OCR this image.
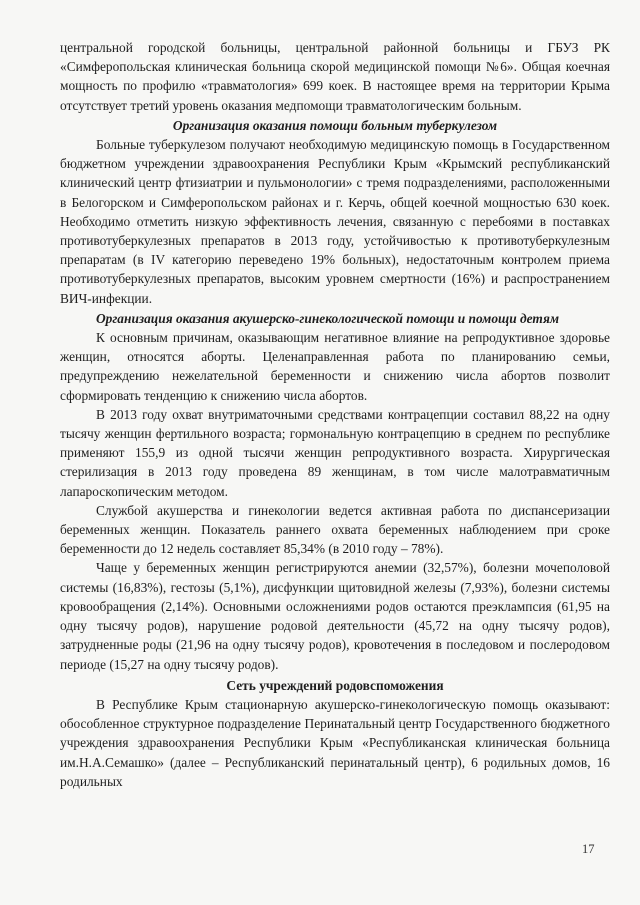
центральной городской больницы, центральной районной больницы и ГБУЗ РК «Симферопольская клиническая больница скорой медицинской помощи №6». Общая коечная мощность по профилю «травматология» 699 коек. В настоящее время на территории Крыма отсутствует третий уровень оказания медпомощи травматологическим больным.

Организация оказания помощи больным туберкулезом

Больные туберкулезом получают необходимую медицинскую помощь в Государственном бюджетном учреждении здравоохранения Республики Крым «Крымский республиканский клинический центр фтизиатрии и пульмонологии» с тремя подразделениями, расположенными в Белогорском и Симферопольском районах и г. Керчь, общей коечной мощностью 630 коек. Необходимо отметить низкую эффективность лечения, связанную с перебоями в поставках противотуберкулезных препаратов в 2013 году, устойчивостью к противотуберкулезным препаратам (в IV категорию переведено 19% больных), недостаточным контролем приема противотуберкулезных препаратов, высоким уровнем смертности (16%) и распространением ВИЧ-инфекции.

Организация оказания акушерско-гинекологической помощи и помощи детям

К основным причинам, оказывающим негативное влияние на репродуктивное здоровье женщин, относятся аборты. Целенаправленная работа по планированию семьи, предупреждению нежелательной беременности и снижению числа абортов позволит сформировать тенденцию к снижению числа абортов.

В 2013 году охват внутриматочными средствами контрацепции составил 88,22 на одну тысячу женщин фертильного возраста; гормональную контрацепцию в среднем по республике применяют 155,9 из одной тысячи женщин репродуктивного возраста. Хирургическая стерилизация в 2013 году проведена 89 женщинам, в том числе малотравматичным лапароскопическим методом.

Службой акушерства и гинекологии ведется активная работа по диспансеризации беременных женщин. Показатель раннего охвата беременных наблюдением при сроке беременности до 12 недель составляет 85,34% (в 2010 году – 78%).

Чаще у беременных женщин регистрируются анемии (32,57%), болезни мочеполовой системы (16,83%), гестозы (5,1%), дисфункции щитовидной железы (7,93%), болезни системы кровообращения (2,14%). Основными осложнениями родов остаются преэклампсия (61,95 на одну тысячу родов), нарушение родовой деятельности (45,72 на одну тысячу родов), затрудненные роды (21,96 на одну тысячу родов), кровотечения в последовом и послеродовом периоде (15,27 на одну тысячу родов).

Сеть учреждений родовспоможения

В Республике Крым стационарную акушерско-гинекологическую помощь оказывают: обособленное структурное подразделение Перинатальный центр Государственного бюджетного учреждения здравоохранения Республики Крым «Республиканская клиническая больница им.Н.А.Семашко» (далее – Республиканский перинатальный центр), 6 родильных домов, 16 родильных

17
